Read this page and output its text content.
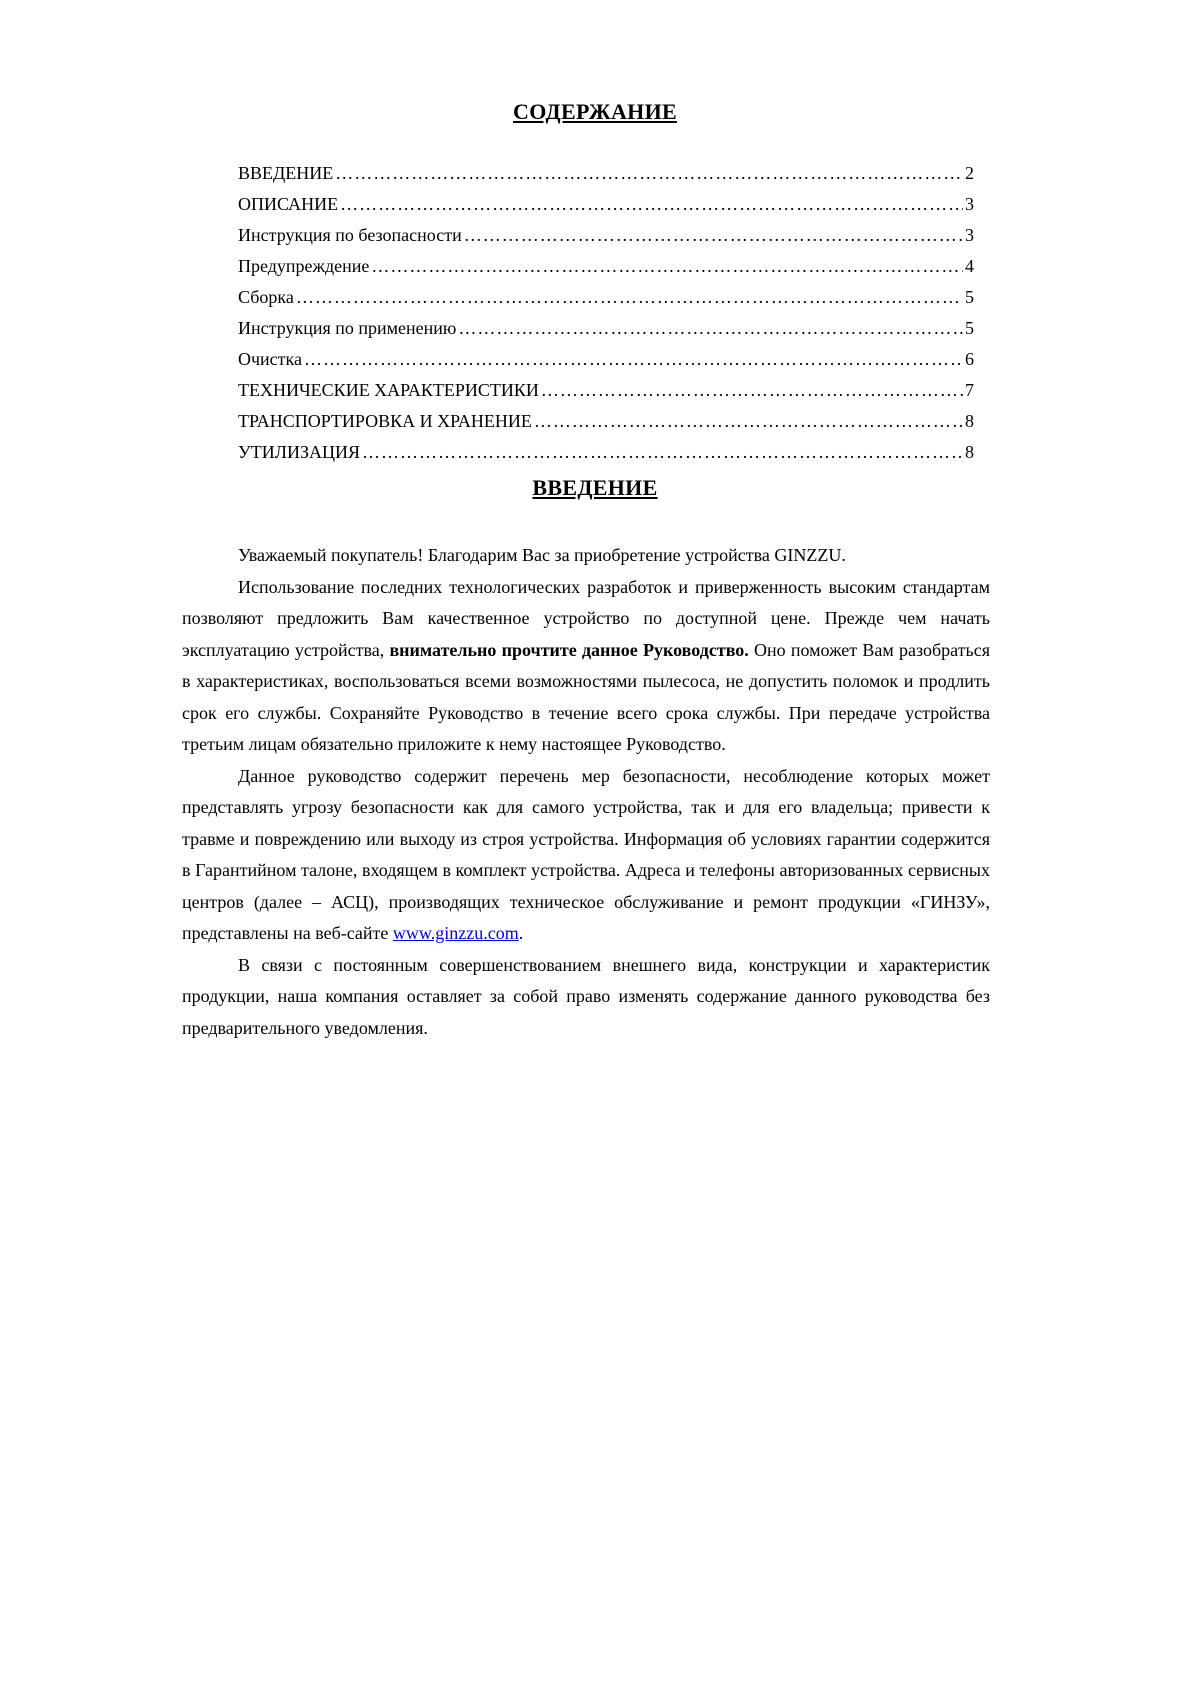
СОДЕРЖАНИЕ
ВВЕДЕНИЕ …………………………………………………………………………………………………………………………………………………………	2
ОПИСАНИЕ …………………………………………………………………………………………………………………………………………………………	3
Инструкция по безопасности …………………………………………………………………………………………………………………………………………………………	3
Предупреждение …………………………………………………………………………………………………………………………………………………………	4
Сборка …………………………………………………………………………………………………………………………………………………………	5
Инструкция по применению …………………………………………………………………………………………………………………………………………………………	5
Очистка …………………………………………………………………………………………………………………………………………………………	6
ТЕХНИЧЕСКИЕ ХАРАКТЕРИСТИКИ …………………………………………………………………………………………………………………………………………………………	7
ТРАНСПОРТИРОВКА И ХРАНЕНИЕ …………………………………………………………………………………………………………………………………………………………	8
УТИЛИЗАЦИЯ …………………………………………………………………………………………………………………………………………………………	8
ВВЕДЕНИЕ

Уважаемый покупатель! Благодарим Вас за приобретение устройства GINZZU.

Использование последних технологических разработок и приверженность высоким стандартам позволяют предложить Вам качественное устройство по доступной цене. Прежде чем начать эксплуатацию устройства, внимательно прочтите данное Руководство. Оно поможет Вам разобраться в характеристиках, воспользоваться всеми возможностями пылесоса, не допустить поломок и продлить срок его службы. Сохраняйте Руководство в течение всего срока службы. При передаче устройства третьим лицам обязательно приложите к нему настоящее Руководство.

Данное руководство содержит перечень мер безопасности, несоблюдение которых может представлять угрозу безопасности как для самого устройства, так и для его владельца; привести к травме и повреждению или выходу из строя устройства. Информация об условиях гарантии содержится в Гарантийном талоне, входящем в комплект устройства. Адреса и телефоны авторизованных сервисных центров (далее – АСЦ), производящих техническое обслуживание и ремонт продукции «ГИНЗУ», представлены на веб-сайте www.ginzzu.com.

В связи с постоянным совершенствованием внешнего вида, конструкции и характеристик продукции, наша компания оставляет за собой право изменять содержание данного руководства без предварительного уведомления.
